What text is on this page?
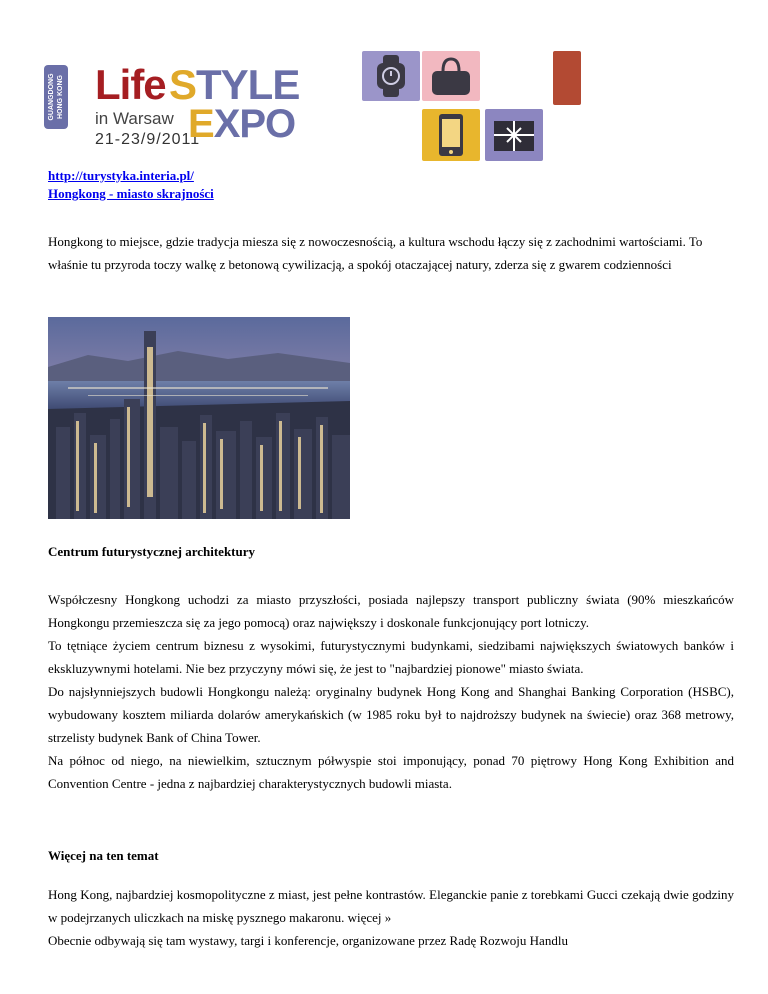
GUANGDONG HONG KONG Life STYLE
in Warsaw
21-23/9/2011
EXPO
http://turystyka.interia.pl/
Hongkong - miasto skrajności

Hongkong to miejsce, gdzie tradycja miesza się z nowoczesnością, a kultura wschodu łączy się z zachodnimi wartościami. To właśnie tu przyroda toczy walkę z betonową cywilizacją, a spokój otaczającej natury, zderza się z gwarem codzienności

Centrum futurystycznej architektury
Współczesny Hongkong uchodzi za miasto przyszłości, posiada najlepszy transport publiczny świata (90% mieszkańców Hongkongu przemieszcza się za jego pomocą) oraz największy i doskonale funkcjonujący port lotniczy.
To tętniące życiem centrum biznesu z wysokimi, futurystycznymi budynkami, siedzibami największych światowych banków i ekskluzywnymi hotelami. Nie bez przyczyny mówi się, że jest to "najbardziej pionowe" miasto świata.
Do najsłynniejszych budowli Hongkongu należą: oryginalny budynek Hong Kong and Shanghai Banking Corporation (HSBC), wybudowany kosztem miliarda dolarów amerykańskich (w 1985 roku był to najdroższy budynek na świecie) oraz 368 metrowy, strzelisty budynek Bank of China Tower.
Na północ od niego, na niewielkim, sztucznym półwyspie stoi imponujący, ponad 70 piętrowy Hong Kong Exhibition and Convention Centre - jedna z najbardziej charakterystycznych budowli miasta.
Więcej na ten temat
Hong Kong, najbardziej kosmopolityczne z miast, jest pełne kontrastów. Eleganckie panie z torebkami Gucci czekają dwie godziny w podejrzanych uliczkach na miskę pysznego makaronu. więcej »
Obecnie odbywają się tam wystawy, targi i konferencje, organizowane przez Radę Rozwoju Handlu
